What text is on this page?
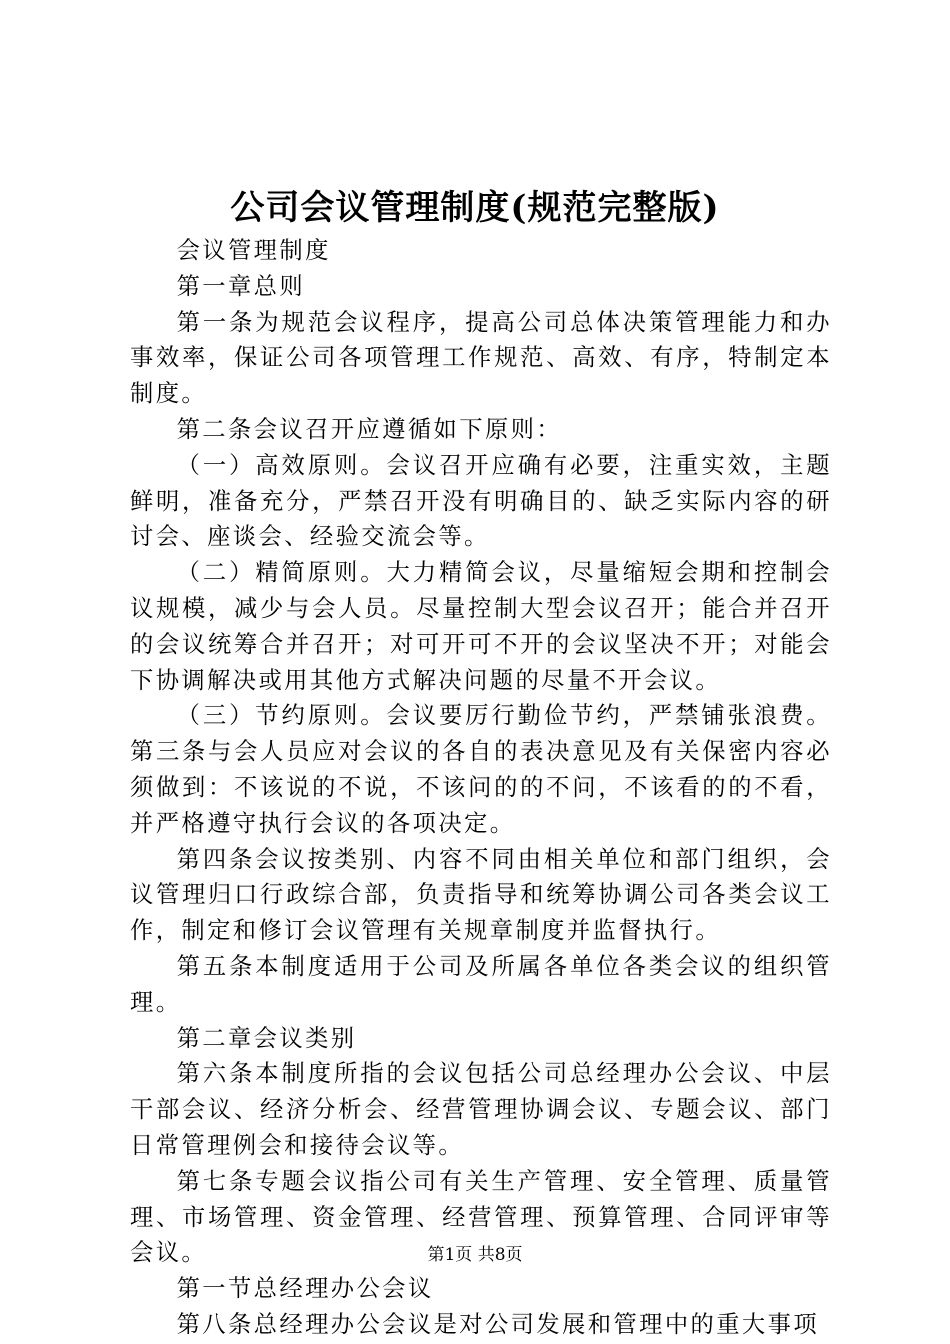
公司会议管理制度(规范完整版)

会议管理制度

第一章总则

第一条为规范会议程序，提高公司总体决策管理能力和办事效率，保证公司各项管理工作规范、高效、有序，特制定本制度。

第二条会议召开应遵循如下原则：

（一）高效原则。会议召开应确有必要，注重实效，主题鲜明，准备充分，严禁召开没有明确目的、缺乏实际内容的研讨会、座谈会、经验交流会等。

（二）精简原则。大力精简会议，尽量缩短会期和控制会议规模，减少与会人员。尽量控制大型会议召开；能合并召开的会议统筹合并召开；对可开可不开的会议坚决不开；对能会下协调解决或用其他方式解决问题的尽量不开会议。

（三）节约原则。会议要厉行勤俭节约，严禁铺张浪费。第三条与会人员应对会议的各自的表决意见及有关保密内容必须做到：不该说的不说，不该问的的不问，不该看的的不看，并严格遵守执行会议的各项决定。

第四条会议按类别、内容不同由相关单位和部门组织，会议管理归口行政综合部，负责指导和统筹协调公司各类会议工作，制定和修订会议管理有关规章制度并监督执行。

第五条本制度适用于公司及所属各单位各类会议的组织管理。

第二章会议类别

第六条本制度所指的会议包括公司总经理办公会议、中层干部会议、经济分析会、经营管理协调会议、专题会议、部门日常管理例会和接待会议等。

第七条专题会议指公司有关生产管理、安全管理、质量管理、市场管理、资金管理、经营管理、预算管理、合同评审等会议。

第一节总经理办公会议

第八条总经理办公会议是对公司发展和管理中的重大事项

第1页 共8页
